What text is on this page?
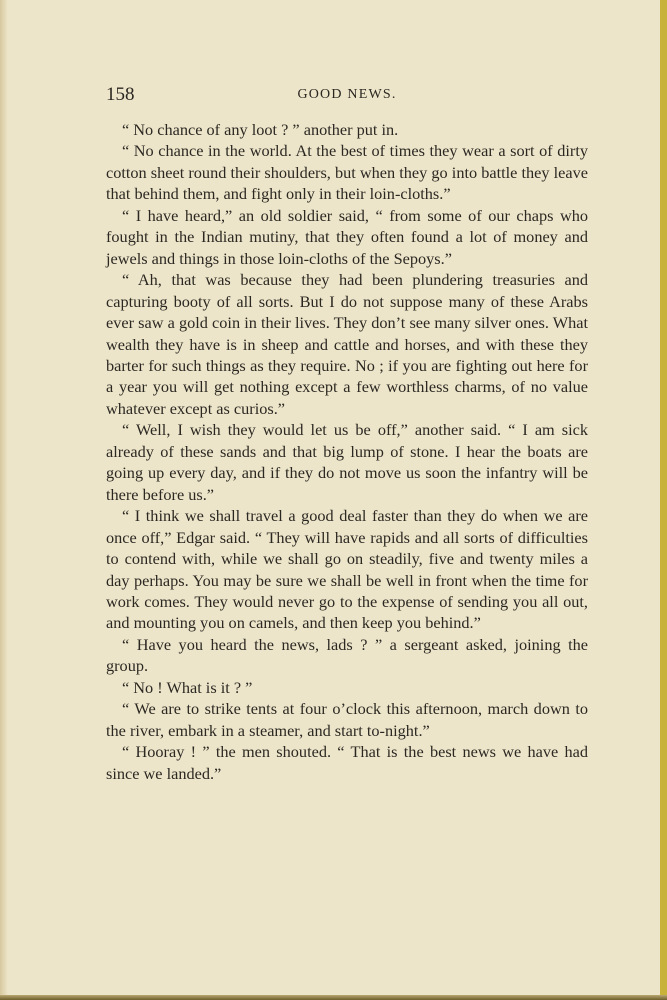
158	GOOD NEWS.

“ No chance of any loot ? ” another put in.

“ No chance in the world. At the best of times they wear a sort of dirty cotton sheet round their shoulders, but when they go into battle they leave that behind them, and fight only in their loin-cloths.”

“ I have heard,” an old soldier said, “ from some of our chaps who fought in the Indian mutiny, that they often found a lot of money and jewels and things in those loin-cloths of the Sepoys.”

“ Ah, that was because they had been plundering treasuries and capturing booty of all sorts. But I do not suppose many of these Arabs ever saw a gold coin in their lives. They don’t see many silver ones. What wealth they have is in sheep and cattle and horses, and with these they barter for such things as they require. No ; if you are fighting out here for a year you will get nothing except a few worthless charms, of no value whatever except as curios.”

“ Well, I wish they would let us be off,” another said. “ I am sick already of these sands and that big lump of stone. I hear the boats are going up every day, and if they do not move us soon the infantry will be there before us.”

“ I think we shall travel a good deal faster than they do when we are once off,” Edgar said. “ They will have rapids and all sorts of difficulties to contend with, while we shall go on steadily, five and twenty miles a day perhaps. You may be sure we shall be well in front when the time for work comes. They would never go to the expense of sending you all out, and mounting you on camels, and then keep you behind.”

“ Have you heard the news, lads ? ” a sergeant asked, joining the group.

“ No ! What is it ? ”

“ We are to strike tents at four o’clock this afternoon, march down to the river, embark in a steamer, and start to-night.”

“ Hooray ! ” the men shouted. “ That is the best news we have had since we landed.”
